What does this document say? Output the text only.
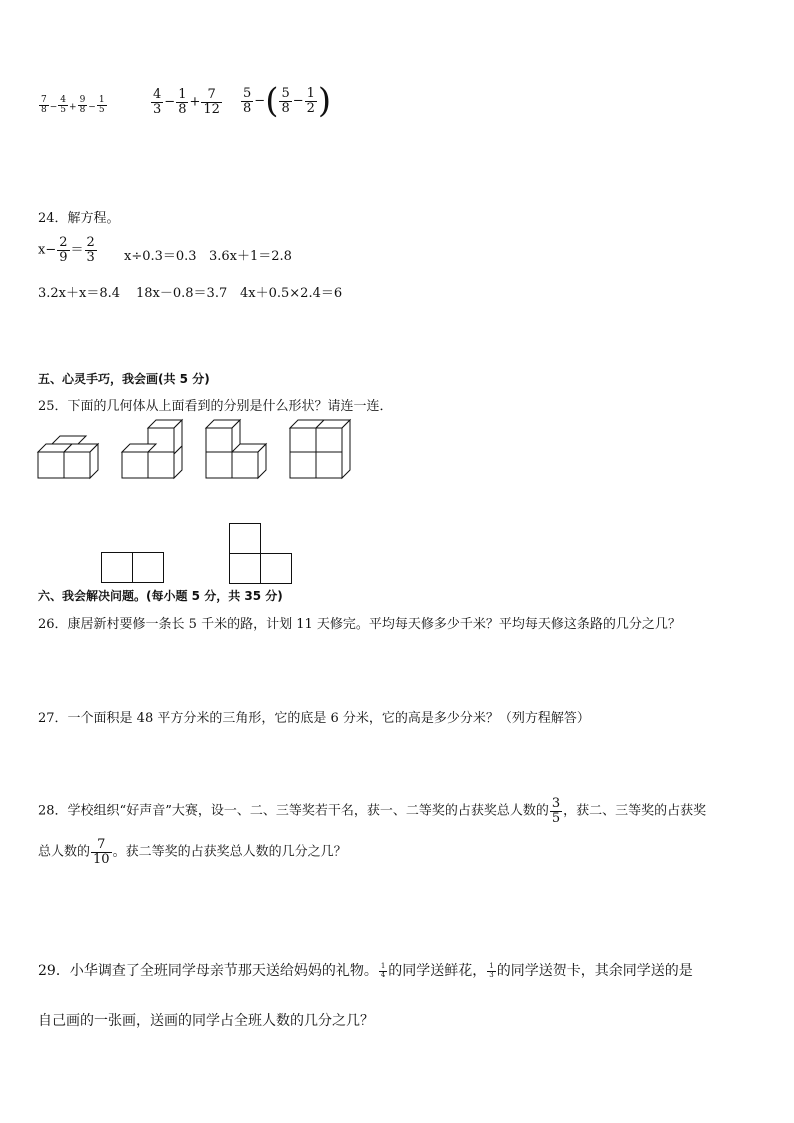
$\frac{7}{8} - \frac{4}{5} + \frac{9}{8} - \frac{1}{5}$	$\frac{4}{3} - \frac{1}{8} + \frac{7}{12} \frac{5}{8}$ −( $\frac{5}{8} - \frac{1}{2}$ )
24．解方程。
$x- \frac{2}{9} = \frac{2}{3} x\div 0.3=0.3$ 3.6x＋1＝2.8
3.2x＋x＝8.4 18x－0.8＝3.7 4x＋0.5×2.4＝6
五、心灵手巧，我会画(共 5 分)
25．下面的几何体从上面看到的分别是什么形状？请连一连．
六、我会解决问题。(每小题 5 分，共 35 分)
26．康居新村要修一条长 5 千米的路，计划 11 天修完。平均每天修多少千米？平均每天修这条路的几分之几？
27．一个面积是 48 平方分米的三角形，它的底是 6 分米，它的高是多少分米？（列方程解答）
28．学校组织“好声音”大赛，设一、二、三等奖若干名，获一、二等奖的占获奖总人数的 $\frac{3}{5}$ ，获二、三等奖的占获奖
总人数的 $\frac{7}{10}$ 。获二等奖的占获奖总人数的几分之几？
29．小华调查了全班同学母亲节那天送给妈妈的礼物。 $\frac{1}{4}$ 的同学送鲜花， $\frac{1}{3}$ 的同学送贺卡，其余同学送的是
自己画的一张画，送画的同学占全班人数的几分之几？
